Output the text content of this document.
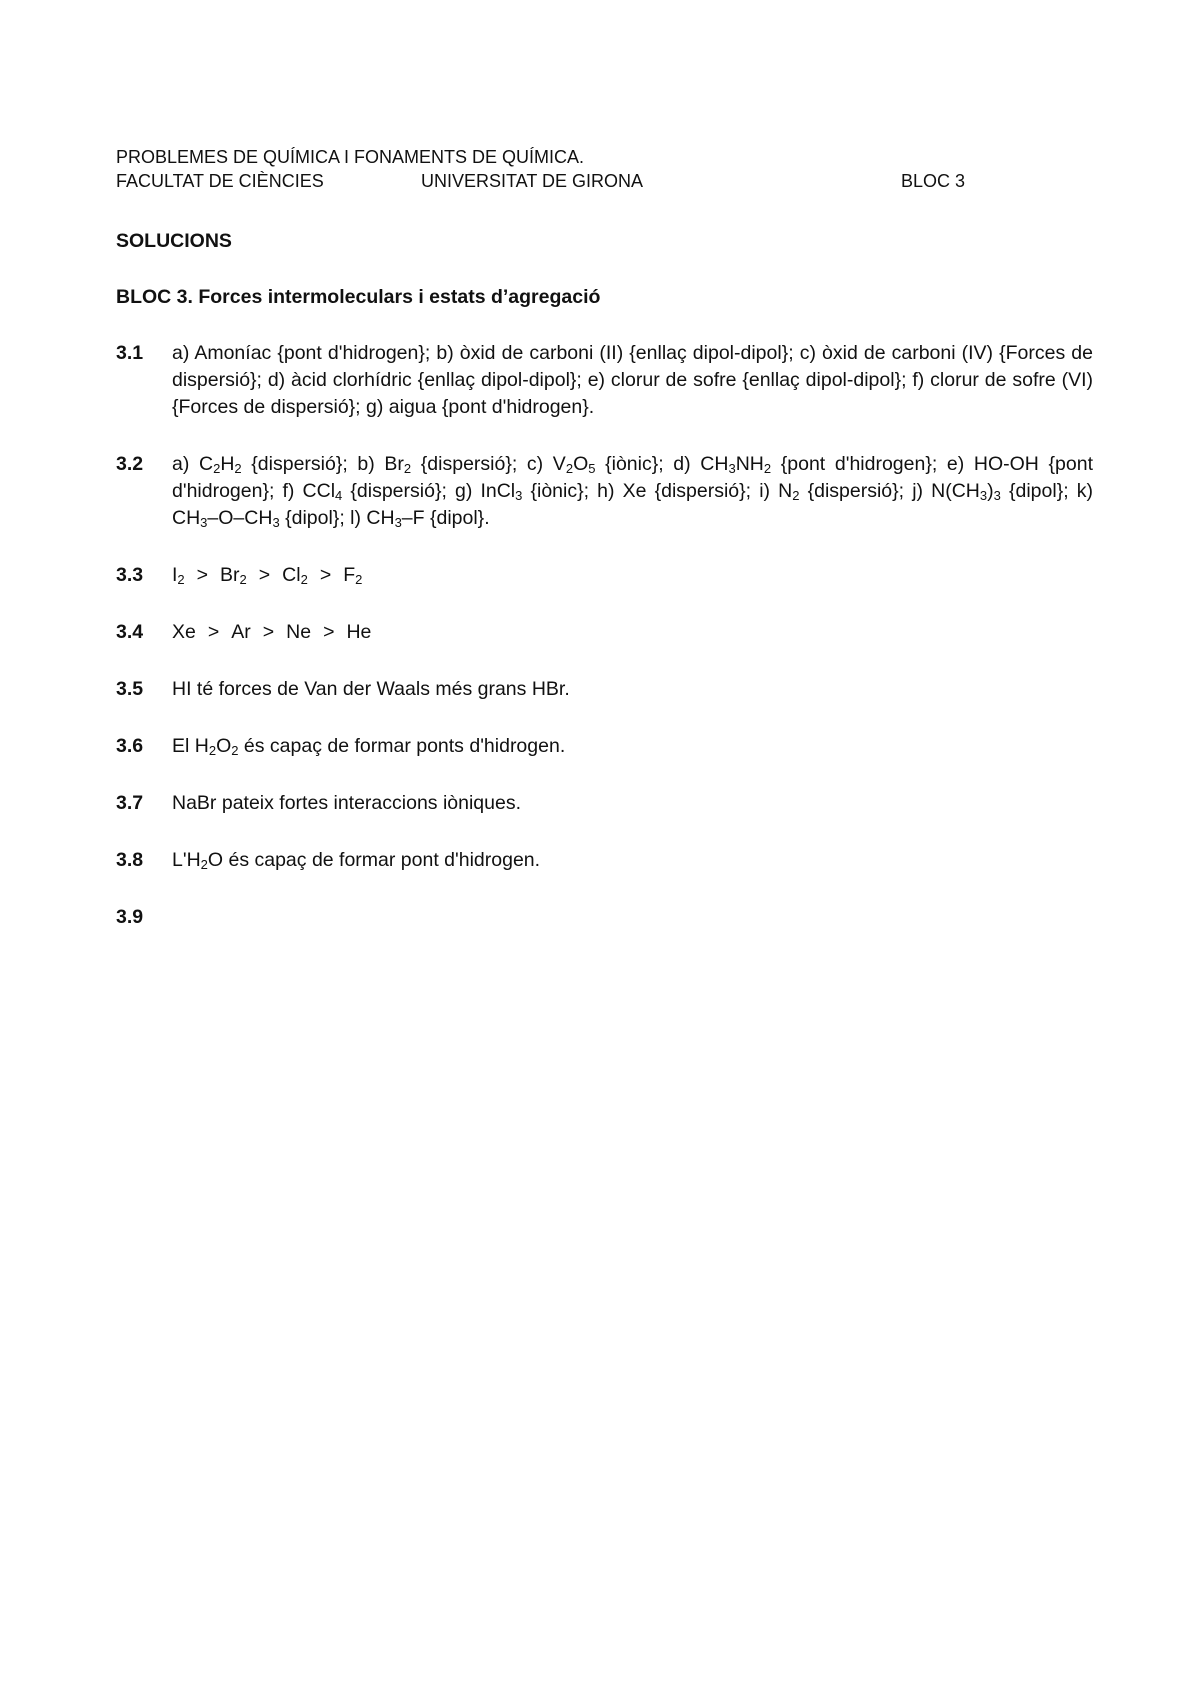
PROBLEMES DE QUÍMICA I FONAMENTS DE QUÍMICA.
FACULTAT DE CIÈNCIES	UNIVERSITAT DE GIRONA	BLOC 3
SOLUCIONS
BLOC 3. Forces intermoleculars i estats d’agregació
3.1	a) Amoníac {pont d'hidrogen}; b) òxid de carboni (II) {enllaç dipol-dipol}; c) òxid de carboni (IV) {Forces de dispersió}; d) àcid clorhídric {enllaç dipol-dipol}; e) clorur de sofre {enllaç dipol-dipol}; f) clorur de sofre (VI) {Forces de dispersió}; g) aigua {pont d'hidrogen}.
3.2	a) $C_2H_2$ {dispersió}; b) $Br_2$ {dispersió}; c) $V_2O_5$ {iònic}; d) $CH_3NH_2$ {pont d'hidrogen}; e) HO-OH {pont d'hidrogen}; f) CCl$_4$ {dispersió}; g) InCl$_3$ {iònic}; h) Xe {dispersió}; i) $N_2$ {dispersió}; j) $N(CH_3)_3$ {dipol}; k) $CH_3-O-CH_3$ {dipol}; l) $CH_3-F$ {dipol}.
3.3	$I_2 > Br_2 > Cl_2 > F_2$
3.4	Xe > Ar > Ne > He
3.5	HI té forces de Van der Waals més grans HBr.
3.6	El $H_2O_2$ és capaç de formar ponts d'hidrogen.
3.7	NaBr pateix fortes interaccions iòniques.
3.8	$L'H_2O$ és capaç de formar pont d'hidrogen.
3.9
